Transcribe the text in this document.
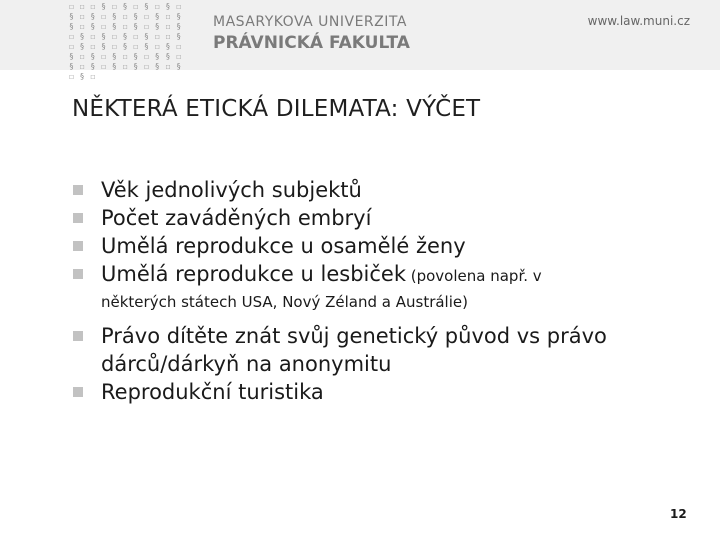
☐ ☐ ☐ § ☐ § ☐ § ☐ § ☐
§ ☐ § ☐ § ☐ § ☐ § ☐ §
§ ☐ § ☐ § ☐ § ☐ § ☐ §
☐ § ☐ § ☐ § ☐ § ☐ ☐ §
☐ § ☐ § ☐ § ☐ § ☐ § ☐
§ ☐ § ☐ § ☐ § ☐ § § ☐
§ ☐ § ☐ § ☐ § ☐ § ☐ §
☐ § ☐
MASARYKOVA UNIVERZITA
PRÁVNICKÁ FAKULTA
www.law.muni.cz
NĚKTERÁ ETICKÁ DILEMATA: VÝČET
Věk jednolivých subjektů
Počet zaváděných embryí
Umělá reprodukce u osamělé ženy
Umělá reprodukce u lesbiček (povolena např. v
některých státech USA, Nový Zéland a Austrálie)
Právo dítěte znát svůj genetický původ vs právo dárců/dárkyň na anonymitu
Reprodukční turistika
12
